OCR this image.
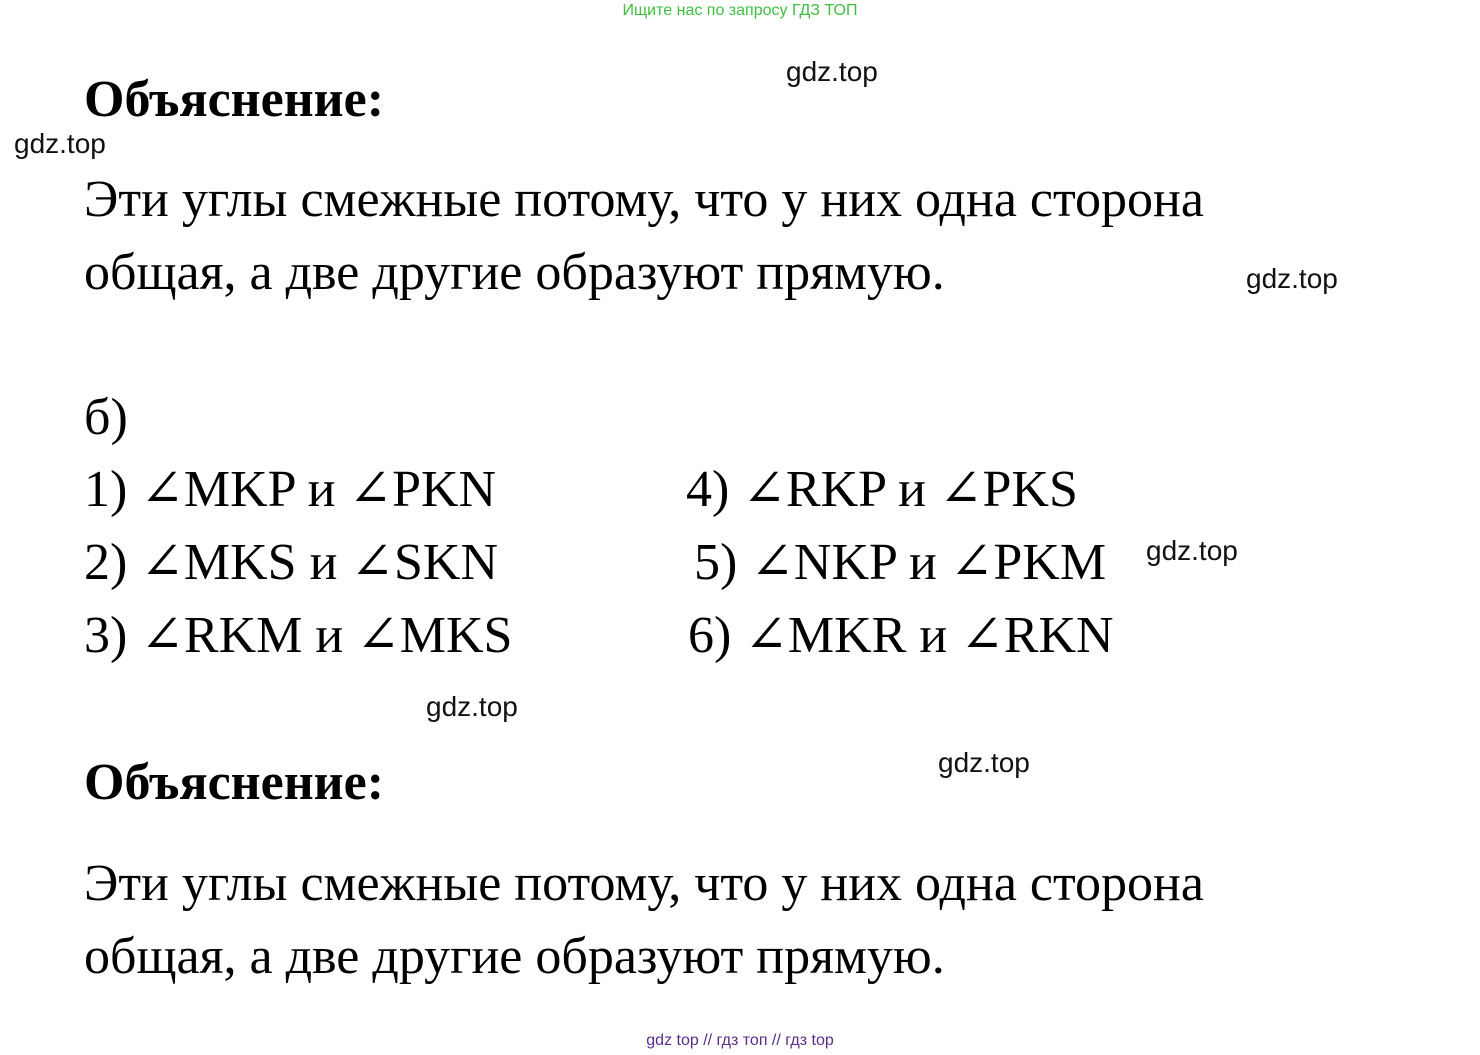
Ищите нас по запросу ГДЗ ТОП
gdz.top
gdz.top
Объяснение:
Эти углы смежные потому, что у них одна сторона
общая, а две другие образуют прямую.	gdz.top
б)
1) ∠MKP и ∠PKN
2) ∠MKS и ∠SKN
3) ∠RKM и ∠MKS
4) ∠RKP и ∠PKS
5) ∠NKP и ∠PKM
6) ∠MKR и ∠RKN
gdz.top
gdz.top
gdz.top
Объяснение:
Эти углы смежные потому, что у них одна сторона
общая, а две другие образуют прямую.
gdz top // гдз топ // гдз top
